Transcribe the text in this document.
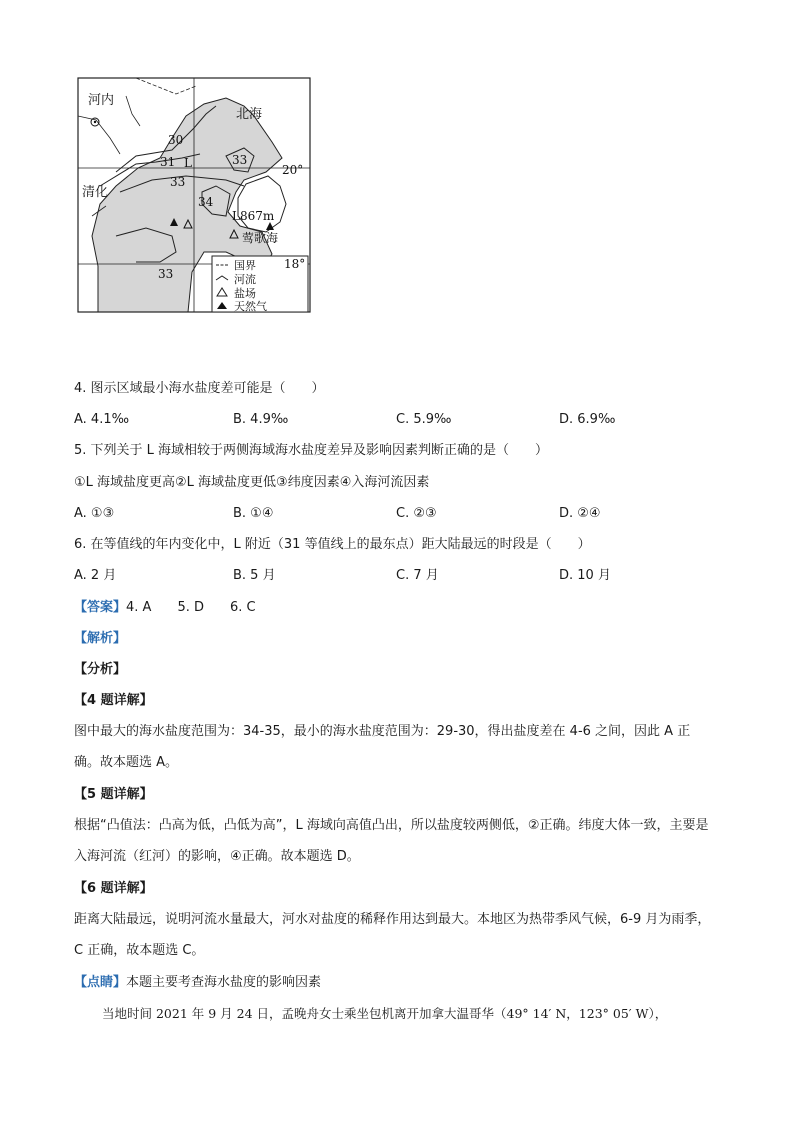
河内
北海
清化
30
31 L	33
33
34
33
20°
L867m
莺歌海
18°
国界
河流
盐场
天然气
4. 图示区域最小海水盐度差可能是（　　）
A. 4.1‰	B. 4.9‰	C. 5.9‰	D. 6.9‰
5. 下列关于 L 海域相较于两侧海域海水盐度差异及影响因素判断正确的是（　　）
①L 海域盐度更高②L 海域盐度更低③纬度因素④入海河流因素
A. ①③	B. ①④	C. ②③	D. ②④
6. 在等值线的年内变化中，L 附近（31 等值线上的最东点）距大陆最远的时段是（　　）
A. 2 月	B. 5 月	C. 7 月	D. 10 月
【答案】4. A　　5. D　　6. C
【解析】
【分析】
【4 题详解】
图中最大的海水盐度范围为：34-35，最小的海水盐度范围为：29-30，得出盐度差在 4-6 之间，因此 A 正确。故本题选 A。
【5 题详解】
根据“凸值法：凸高为低，凸低为高”，L 海域向高值凸出，所以盐度较两侧低，②正确。纬度大体一致，主要是入海河流（红河）的影响，④正确。故本题选 D。
【6 题详解】
距离大陆最远，说明河流水量最大，河水对盐度的稀释作用达到最大。本地区为热带季风气候，6-9 月为雨季，C 正确，故本题选 C。
【点睛】本题主要考查海水盐度的影响因素
当地时间 2021 年 9 月 24 日，孟晚舟女士乘坐包机离开加拿大温哥华（49° 14′ N，123° 05′ W），
